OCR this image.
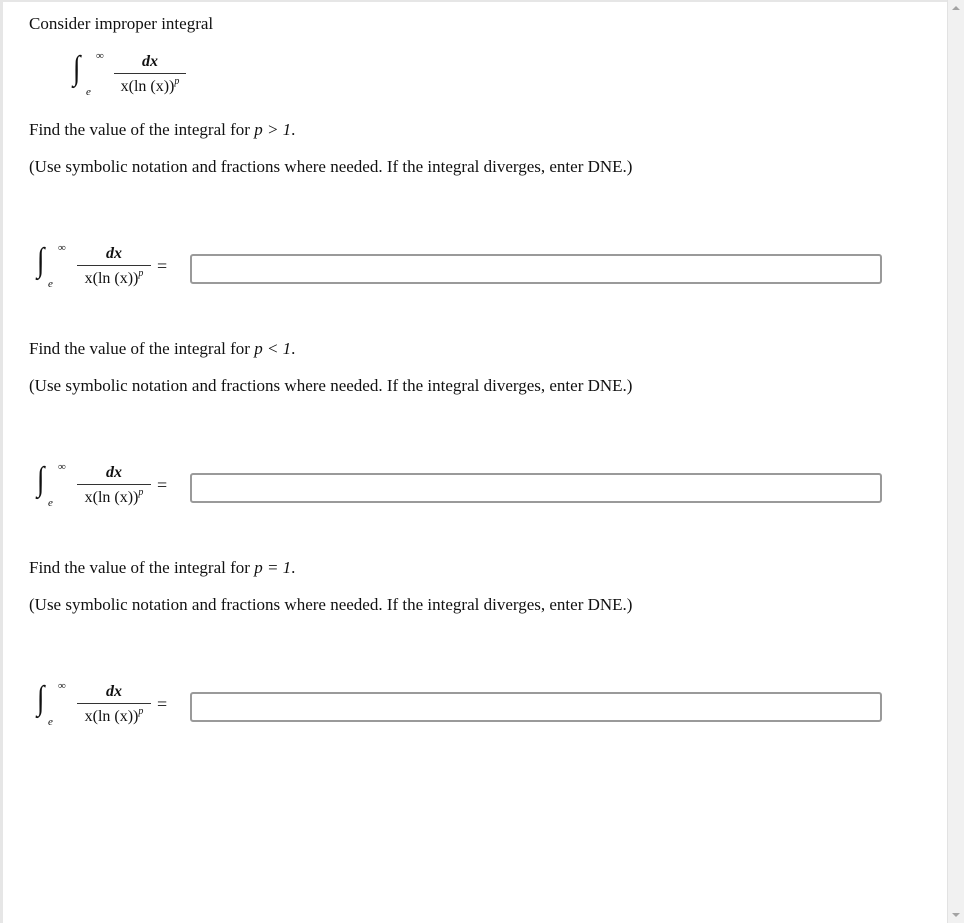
Consider improper integral
∫ ∞
e
dx
x(ln (x))$^p$
Find the value of the integral for p > 1.
(Use symbolic notation and fractions where needed. If the integral diverges, enter DNE.)
∫ ∞
e
dx
x(ln (x))$^p$ =
Find the value of the integral for p < 1.
(Use symbolic notation and fractions where needed. If the integral diverges, enter DNE.)
∫ ∞
e
dx
x(ln (x))$^p$ =
Find the value of the integral for p = 1.
(Use symbolic notation and fractions where needed. If the integral diverges, enter DNE.)
∫ ∞
e
dx
x(ln (x))$^p$ =
